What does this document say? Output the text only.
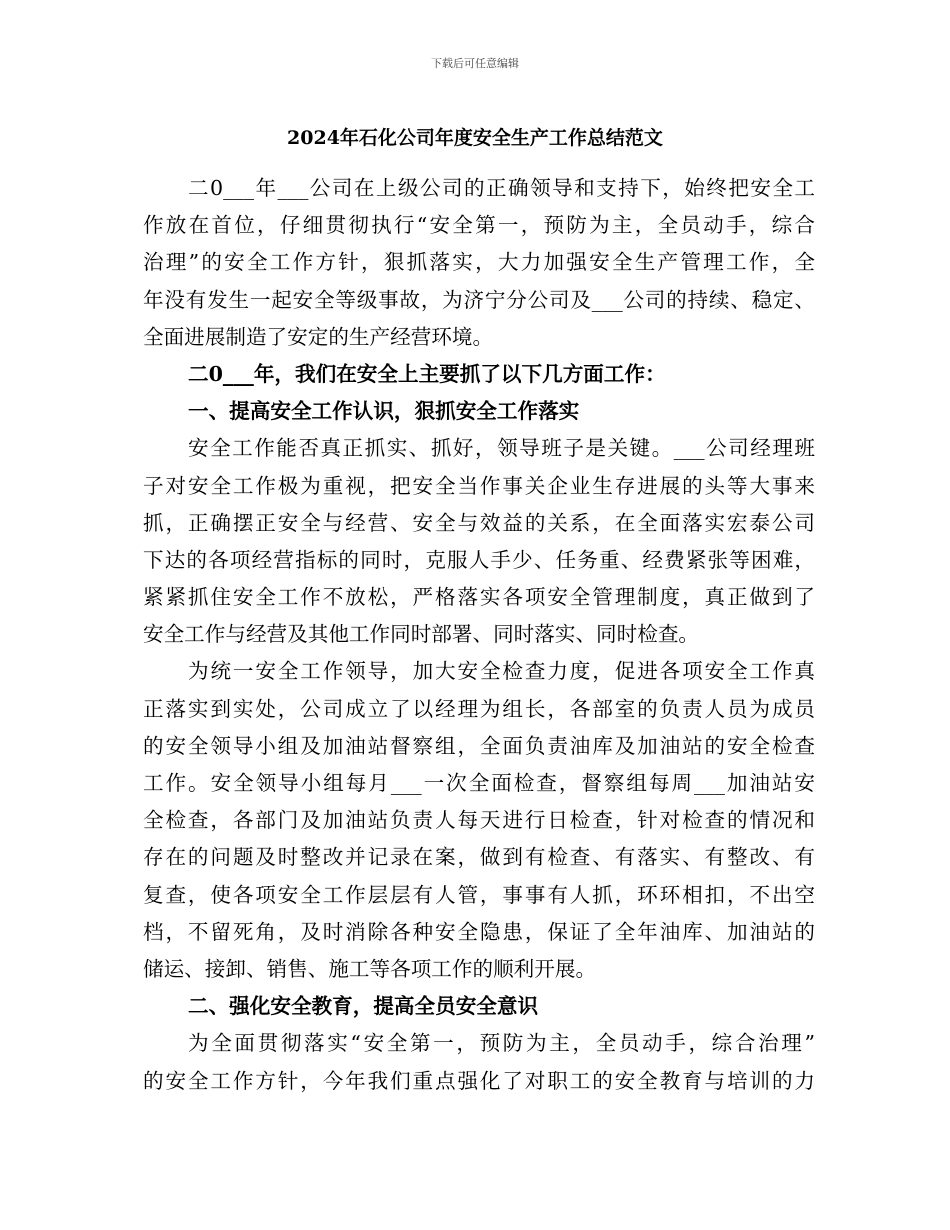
下载后可任意编辑
2024年石化公司年度安全生产工作总结范文
二0___年___公司在上级公司的正确领导和支持下，始终把安全工
作放在首位，仔细贯彻执行“安全第一，预防为主，全员动手，综合
治理”的安全工作方针，狠抓落实，大力加强安全生产管理工作，全
年没有发生一起安全等级事故，为济宁分公司及___公司的持续、稳定、
全面进展制造了安定的生产经营环境。
二0___年，我们在安全上主要抓了以下几方面工作：
一、提高安全工作认识，狠抓安全工作落实
安全工作能否真正抓实、抓好，领导班子是关键。___公司经理班
子对安全工作极为重视，把安全当作事关企业生存进展的头等大事来
抓，正确摆正安全与经营、安全与效益的关系，在全面落实宏泰公司
下达的各项经营指标的同时，克服人手少、任务重、经费紧张等困难，
紧紧抓住安全工作不放松，严格落实各项安全管理制度，真正做到了
安全工作与经营及其他工作同时部署、同时落实、同时检查。
为统一安全工作领导，加大安全检查力度，促进各项安全工作真
正落实到实处，公司成立了以经理为组长，各部室的负责人员为成员
的安全领导小组及加油站督察组，全面负责油库及加油站的安全检查
工作。安全领导小组每月___一次全面检查，督察组每周___加油站安
全检查，各部门及加油站负责人每天进行日检查，针对检查的情况和
存在的问题及时整改并记录在案，做到有检查、有落实、有整改、有
复查，使各项安全工作层层有人管，事事有人抓，环环相扣，不出空
档，不留死角，及时消除各种安全隐患，保证了全年油库、加油站的
储运、接卸、销售、施工等各项工作的顺利开展。
二、强化安全教育，提高全员安全意识
为全面贯彻落实“安全第一，预防为主，全员动手，综合治理”
的安全工作方针，今年我们重点强化了对职工的安全教育与培训的力
